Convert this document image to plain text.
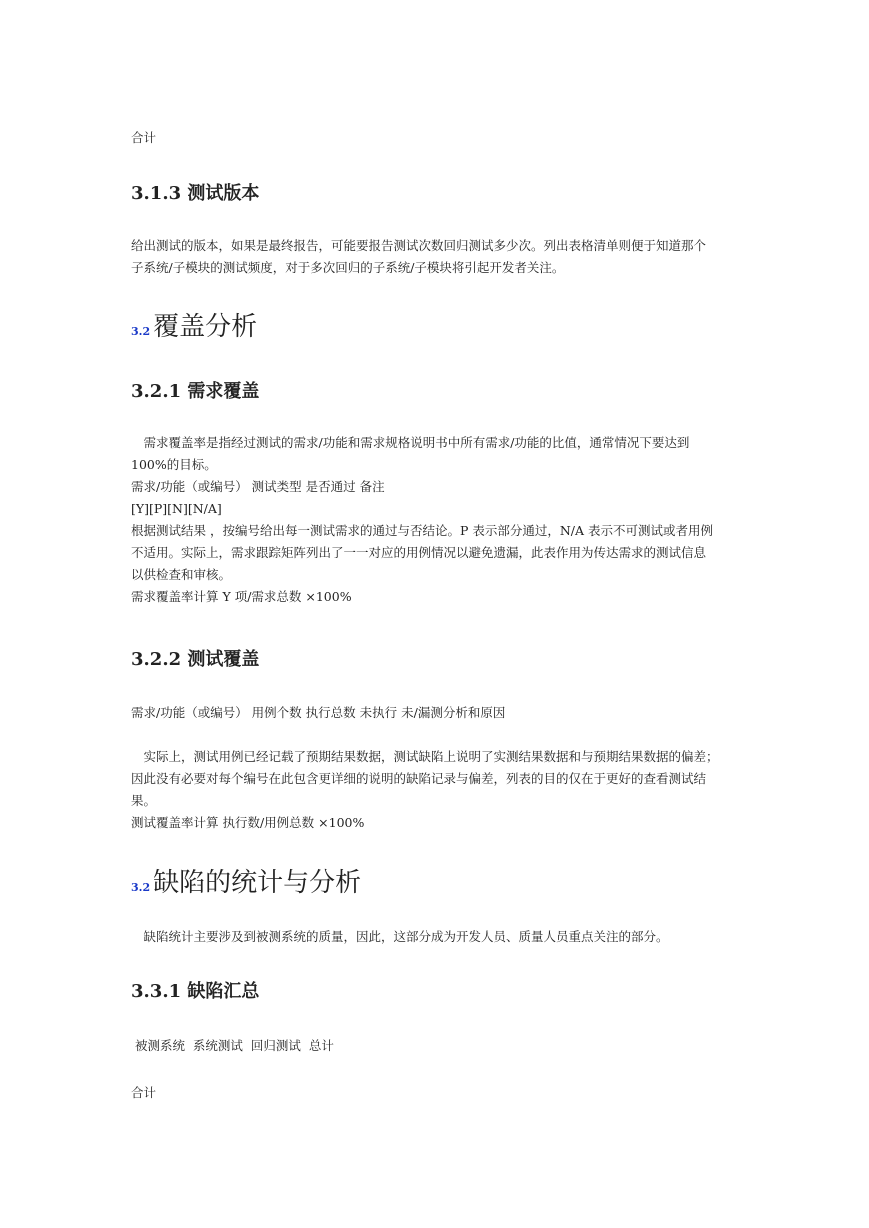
合计

3.1.3 测试版本
给出测试的版本，如果是最终报告，可能要报告测试次数回归测试多少次。列出表格清单则便于知道那个
子系统/子模块的测试频度，对于多次回归的子系统/子模块将引起开发者关注。
3.2 覆盖分析
3.2.1 需求覆盖
　需求覆盖率是指经过测试的需求/功能和需求规格说明书中所有需求/功能的比值，通常情况下要达到
100%的目标。
需求/功能（或编号） 测试类型 是否通过 备注
[Y][P][N][N/A]
根据测试结果 ，按编号给出每一测试需求的通过与否结论。P 表示部分通过，N/A 表示不可测试或者用例
不适用。实际上，需求跟踪矩阵列出了一一对应的用例情况以避免遗漏，此表作用为传达需求的测试信息
以供检查和审核。
需求覆盖率计算 Y 项/需求总数 ×100%
3.2.2 测试覆盖

需求/功能（或编号） 用例个数 执行总数 未执行 未/漏测分析和原因

　实际上，测试用例已经记载了预期结果数据，测试缺陷上说明了实测结果数据和与预期结果数据的偏差；
因此没有必要对每个编号在此包含更详细的说明的缺陷记录与偏差，列表的目的仅在于更好的查看测试结
果。
测试覆盖率计算 执行数/用例总数 ×100%
3.2 缺陷的统计与分析

　缺陷统计主要涉及到被测系统的质量，因此，这部分成为开发人员、质量人员重点关注的部分。

3.3.1 缺陷汇总

被测系统  系统测试  回归测试  总计

合计
